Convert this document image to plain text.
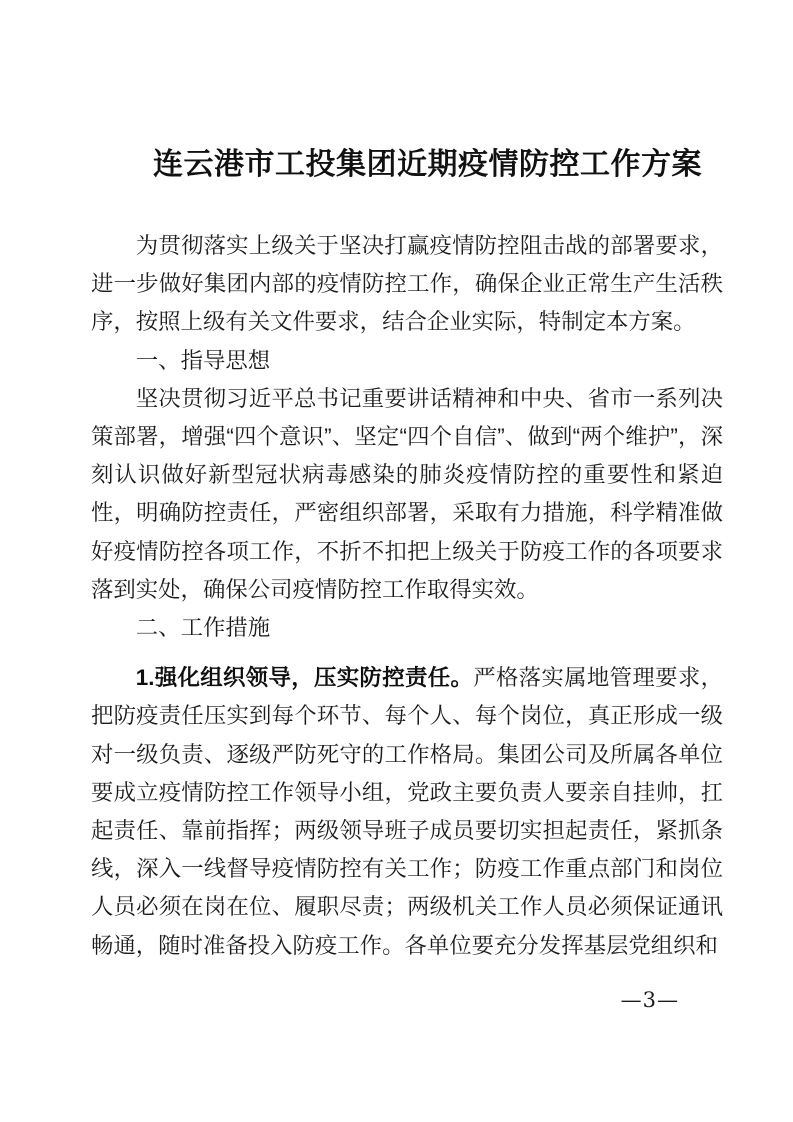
连云港市工投集团近期疫情防控工作方案

为贯彻落实上级关于坚决打赢疫情防控阻击战的部署要求，进一步做好集团内部的疫情防控工作，确保企业正常生产生活秩序，按照上级有关文件要求，结合企业实际，特制定本方案。

一、指导思想

坚决贯彻习近平总书记重要讲话精神和中央、省市一系列决策部署，增强“四个意识”、坚定“四个自信”、做到“两个维护”，深刻认识做好新型冠状病毒感染的肺炎疫情防控的重要性和紧迫性，明确防控责任，严密组织部署，采取有力措施，科学精准做好疫情防控各项工作，不折不扣把上级关于防疫工作的各项要求落到实处，确保公司疫情防控工作取得实效。

二、工作措施

1.强化组织领导，压实防控责任。严格落实属地管理要求，把防疫责任压实到每个环节、每个人、每个岗位，真正形成一级对一级负责、逐级严防死守的工作格局。集团公司及所属各单位要成立疫情防控工作领导小组，党政主要负责人要亲自挂帅，扛起责任、靠前指挥；两级领导班子成员要切实担起责任，紧抓条线，深入一线督导疫情防控有关工作；防疫工作重点部门和岗位人员必须在岗在位、履职尽责；两级机关工作人员必须保证通讯畅通，随时准备投入防疫工作。各单位要充分发挥基层党组织和

—3—
